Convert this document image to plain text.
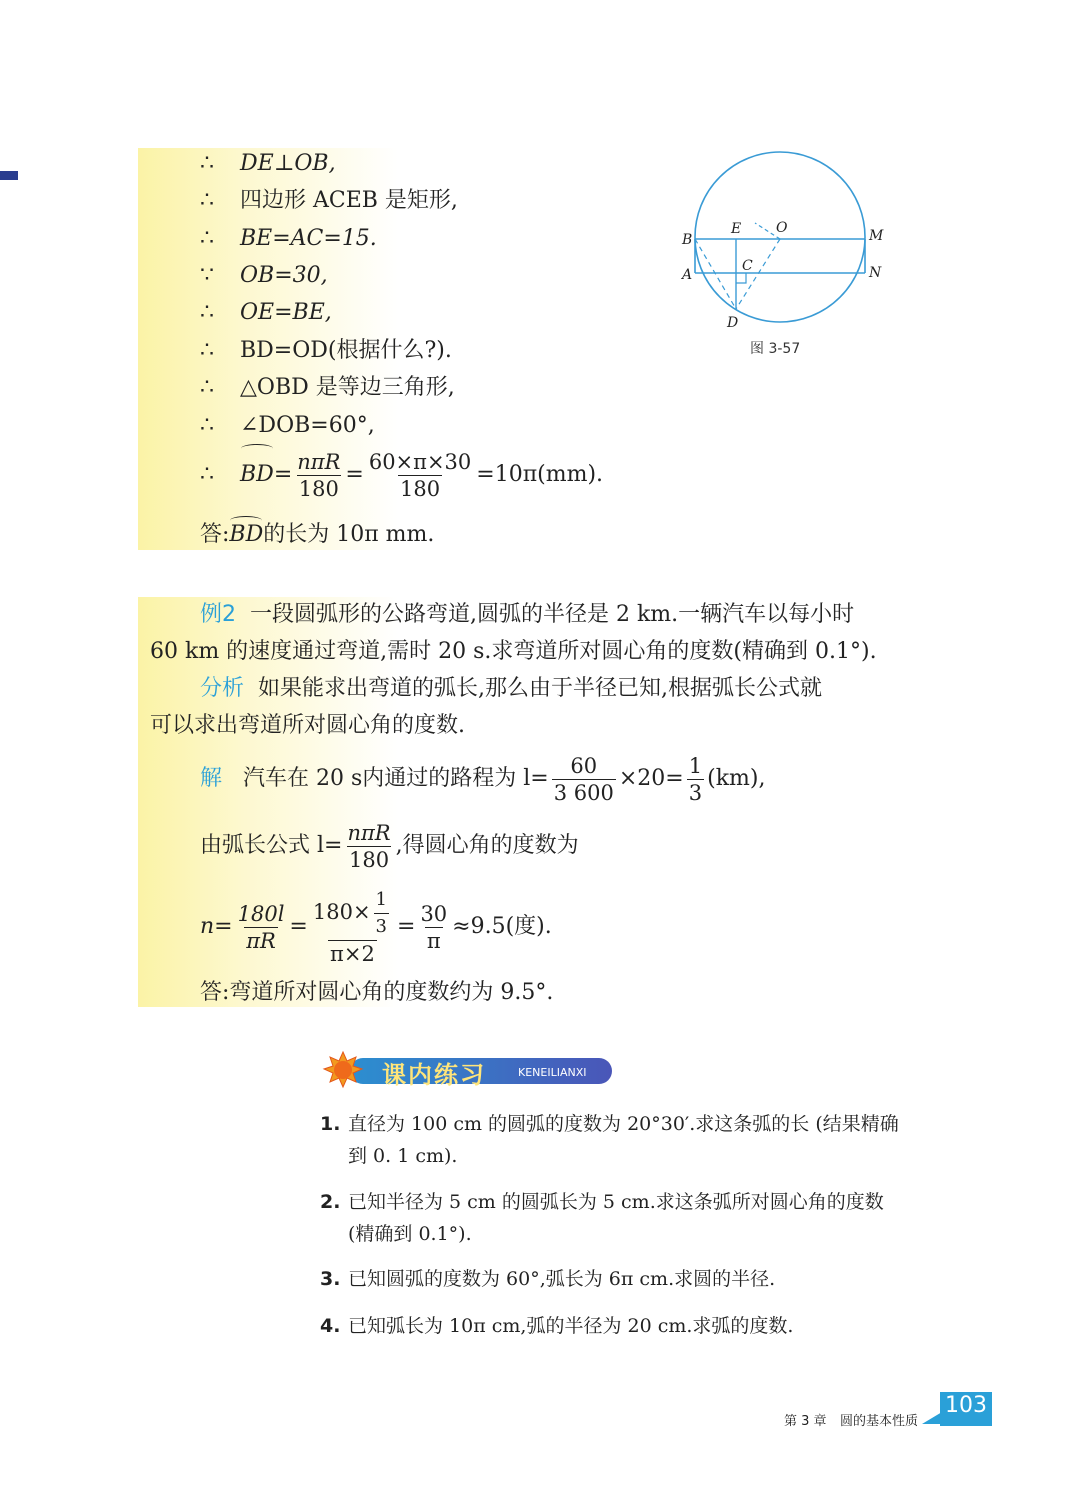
∴ DE⊥OB,
∴ 四边形 ACEB 是矩形,
∴ BE=AC=15.
∵ OB=30,
∴ OE=BE,
∴ BD=OD(根据什么?).
∴ △OBD 是等边三角形,
∴ ∠DOB=60°,
∴ $BD= \frac{\text{nπR}}{180} = \frac{60\times\pi\times 30}{180} =10\pi(mm)$.
答:BD的长为 10π mm.
B
E O	M
A
C	N
D
图 3-57
例2 一段圆弧形的公路弯道,圆弧的半径是 2 km.一辆汽车以每小时
60 km 的速度通过弯道,需时 20 s.求弯道所对圆心角的度数(精确到 0.1°).
分析 如果能求出弯道的弧长,那么由于半径已知,根据弧长公式就
可以求出弯道所对圆心角的度数.
解 汽车在 20 s内通过的路程为 $l= \frac{60}{3 600} \times 20= \frac{1}{3} (km)$,
由弧长公式 $l= \frac{\text{nπR}}{180}$ ,得圆心角的度数为
$n= \frac{180l}{\pi R} = \frac{180\times \frac{1}{3}}{\pi\times 2} = \frac{30}{\pi} \approx 9.5$(度).
答:弯道所对圆心角的度数约为 9.5°.
课内练习	KENEILIANXI
1. 直径为 100 cm 的圆弧的度数为 20°30′.求这条弧的长 (结果精确
到 0. 1 cm).
2. 已知半径为 5 cm 的圆弧长为 5 cm.求这条弧所对圆心角的度数
(精确到 0.1°).
3. 已知圆弧的度数为 60°,弧长为 6π cm.求圆的半径.
4. 已知弧长为 10π cm,弧的半径为 20 cm.求弧的度数.
第 3 章 圆的基本性质
103
